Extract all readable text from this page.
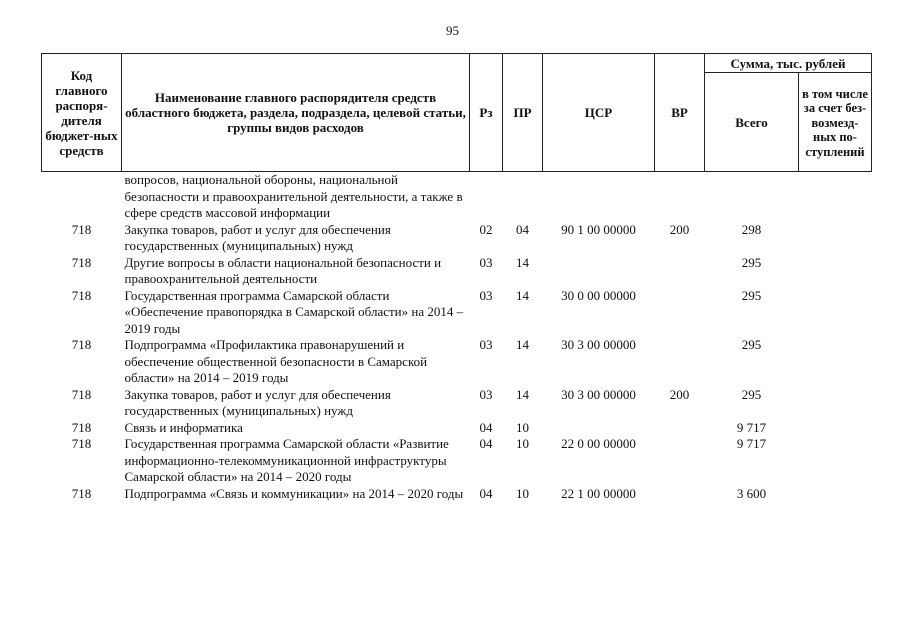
95
Код главного распоря-дителя бюджет-ных средств	Наименование главного распорядителя средств областного бюджета, раздела, подраздела, целевой статьи, группы видов расходов	Рз	ПР	ЦСР	ВР	Сумма, тыс. рублей	
						Всего	в том числе за счет без-возмезд-ных по-ступлений
	вопросов, национальной обороны, национальной безопасности и правоохранительной деятельности, а также в сфере средств массовой информации						
718	Закупка товаров, работ и услуг для обеспечения государственных (муниципальных) нужд	02	04	90 1 00 00000	200	298	
718	Другие вопросы в области национальной безопасности и правоохранительной деятельности	03	14			295	
718	Государственная программа Самарской области «Обеспечение правопорядка в Самарской области» на 2014 – 2019 годы	03	14	30 0 00 00000		295	
718	Подпрограмма «Профилактика правонарушений и обеспечение общественной безопасности в Самарской области» на 2014 – 2019 годы	03	14	30 3 00 00000		295	
718	Закупка товаров, работ и услуг для обеспечения государственных (муниципальных) нужд	03	14	30 3 00 00000	200	295	
718	Связь и информатика	04	10			9 717	
718	Государственная программа Самарской области «Развитие информационно-телекоммуникационной инфраструктуры Самарской области» на 2014 – 2020 годы	04	10	22 0 00 00000		9 717	
718	Подпрограмма «Связь и коммуникации» на 2014 – 2020 годы	04	10	22 1 00 00000		3 600	
